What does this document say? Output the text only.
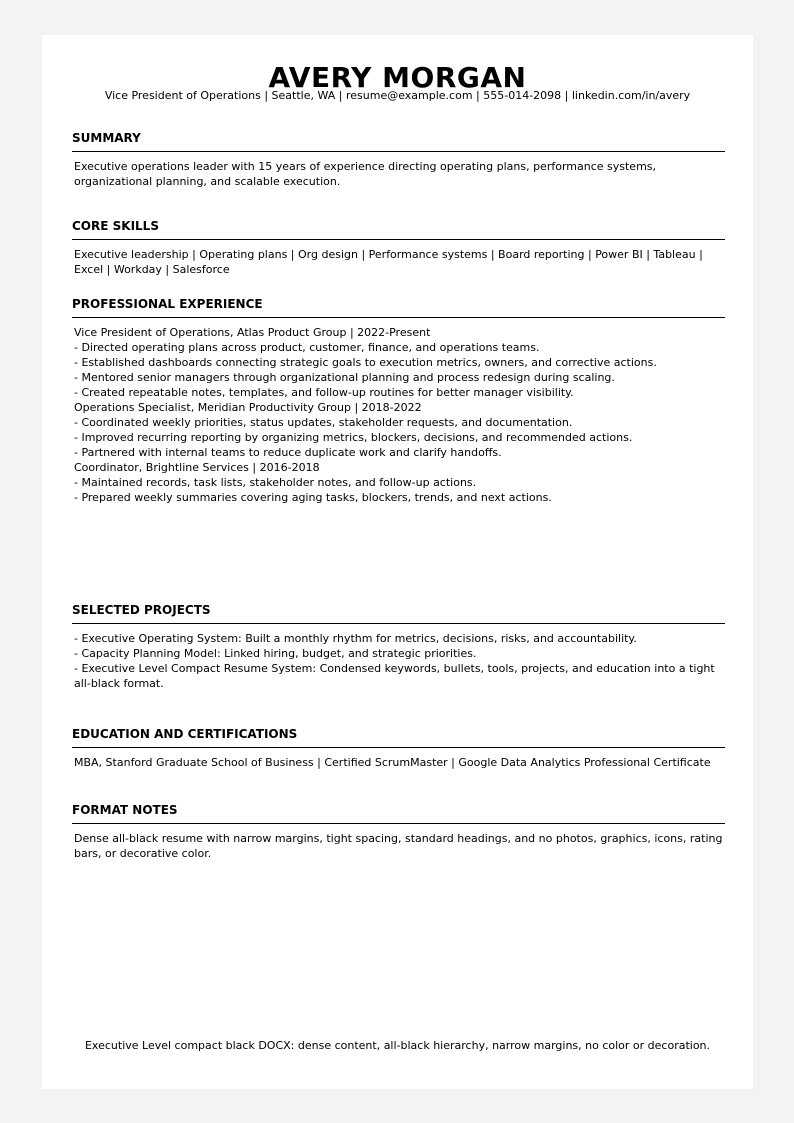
AVERY MORGAN
Vice President of Operations | Seattle, WA | resume@example.com | 555-014-2098 | linkedin.com/in/avery
SUMMARY
Executive operations leader with 15 years of experience directing operating plans, performance systems, organizational planning, and scalable execution.
CORE SKILLS
Executive leadership | Operating plans | Org design | Performance systems | Board reporting | Power BI | Tableau | Excel | Workday | Salesforce
PROFESSIONAL EXPERIENCE
Vice President of Operations, Atlas Product Group | 2022-Present
- Directed operating plans across product, customer, finance, and operations teams.
- Established dashboards connecting strategic goals to execution metrics, owners, and corrective actions.
- Mentored senior managers through organizational planning and process redesign during scaling.
- Created repeatable notes, templates, and follow-up routines for better manager visibility.
Operations Specialist, Meridian Productivity Group | 2018-2022
- Coordinated weekly priorities, status updates, stakeholder requests, and documentation.
- Improved recurring reporting by organizing metrics, blockers, decisions, and recommended actions.
- Partnered with internal teams to reduce duplicate work and clarify handoffs.
Coordinator, Brightline Services | 2016-2018
- Maintained records, task lists, stakeholder notes, and follow-up actions.
- Prepared weekly summaries covering aging tasks, blockers, trends, and next actions.
SELECTED PROJECTS
- Executive Operating System: Built a monthly rhythm for metrics, decisions, risks, and accountability.
- Capacity Planning Model: Linked hiring, budget, and strategic priorities.
- Executive Level Compact Resume System: Condensed keywords, bullets, tools, projects, and education into a tight all-black format.
EDUCATION AND CERTIFICATIONS
MBA, Stanford Graduate School of Business | Certified ScrumMaster | Google Data Analytics Professional Certificate
FORMAT NOTES
Dense all-black resume with narrow margins, tight spacing, standard headings, and no photos, graphics, icons, rating bars, or decorative color.
Executive Level compact black DOCX: dense content, all-black hierarchy, narrow margins, no color or decoration.
